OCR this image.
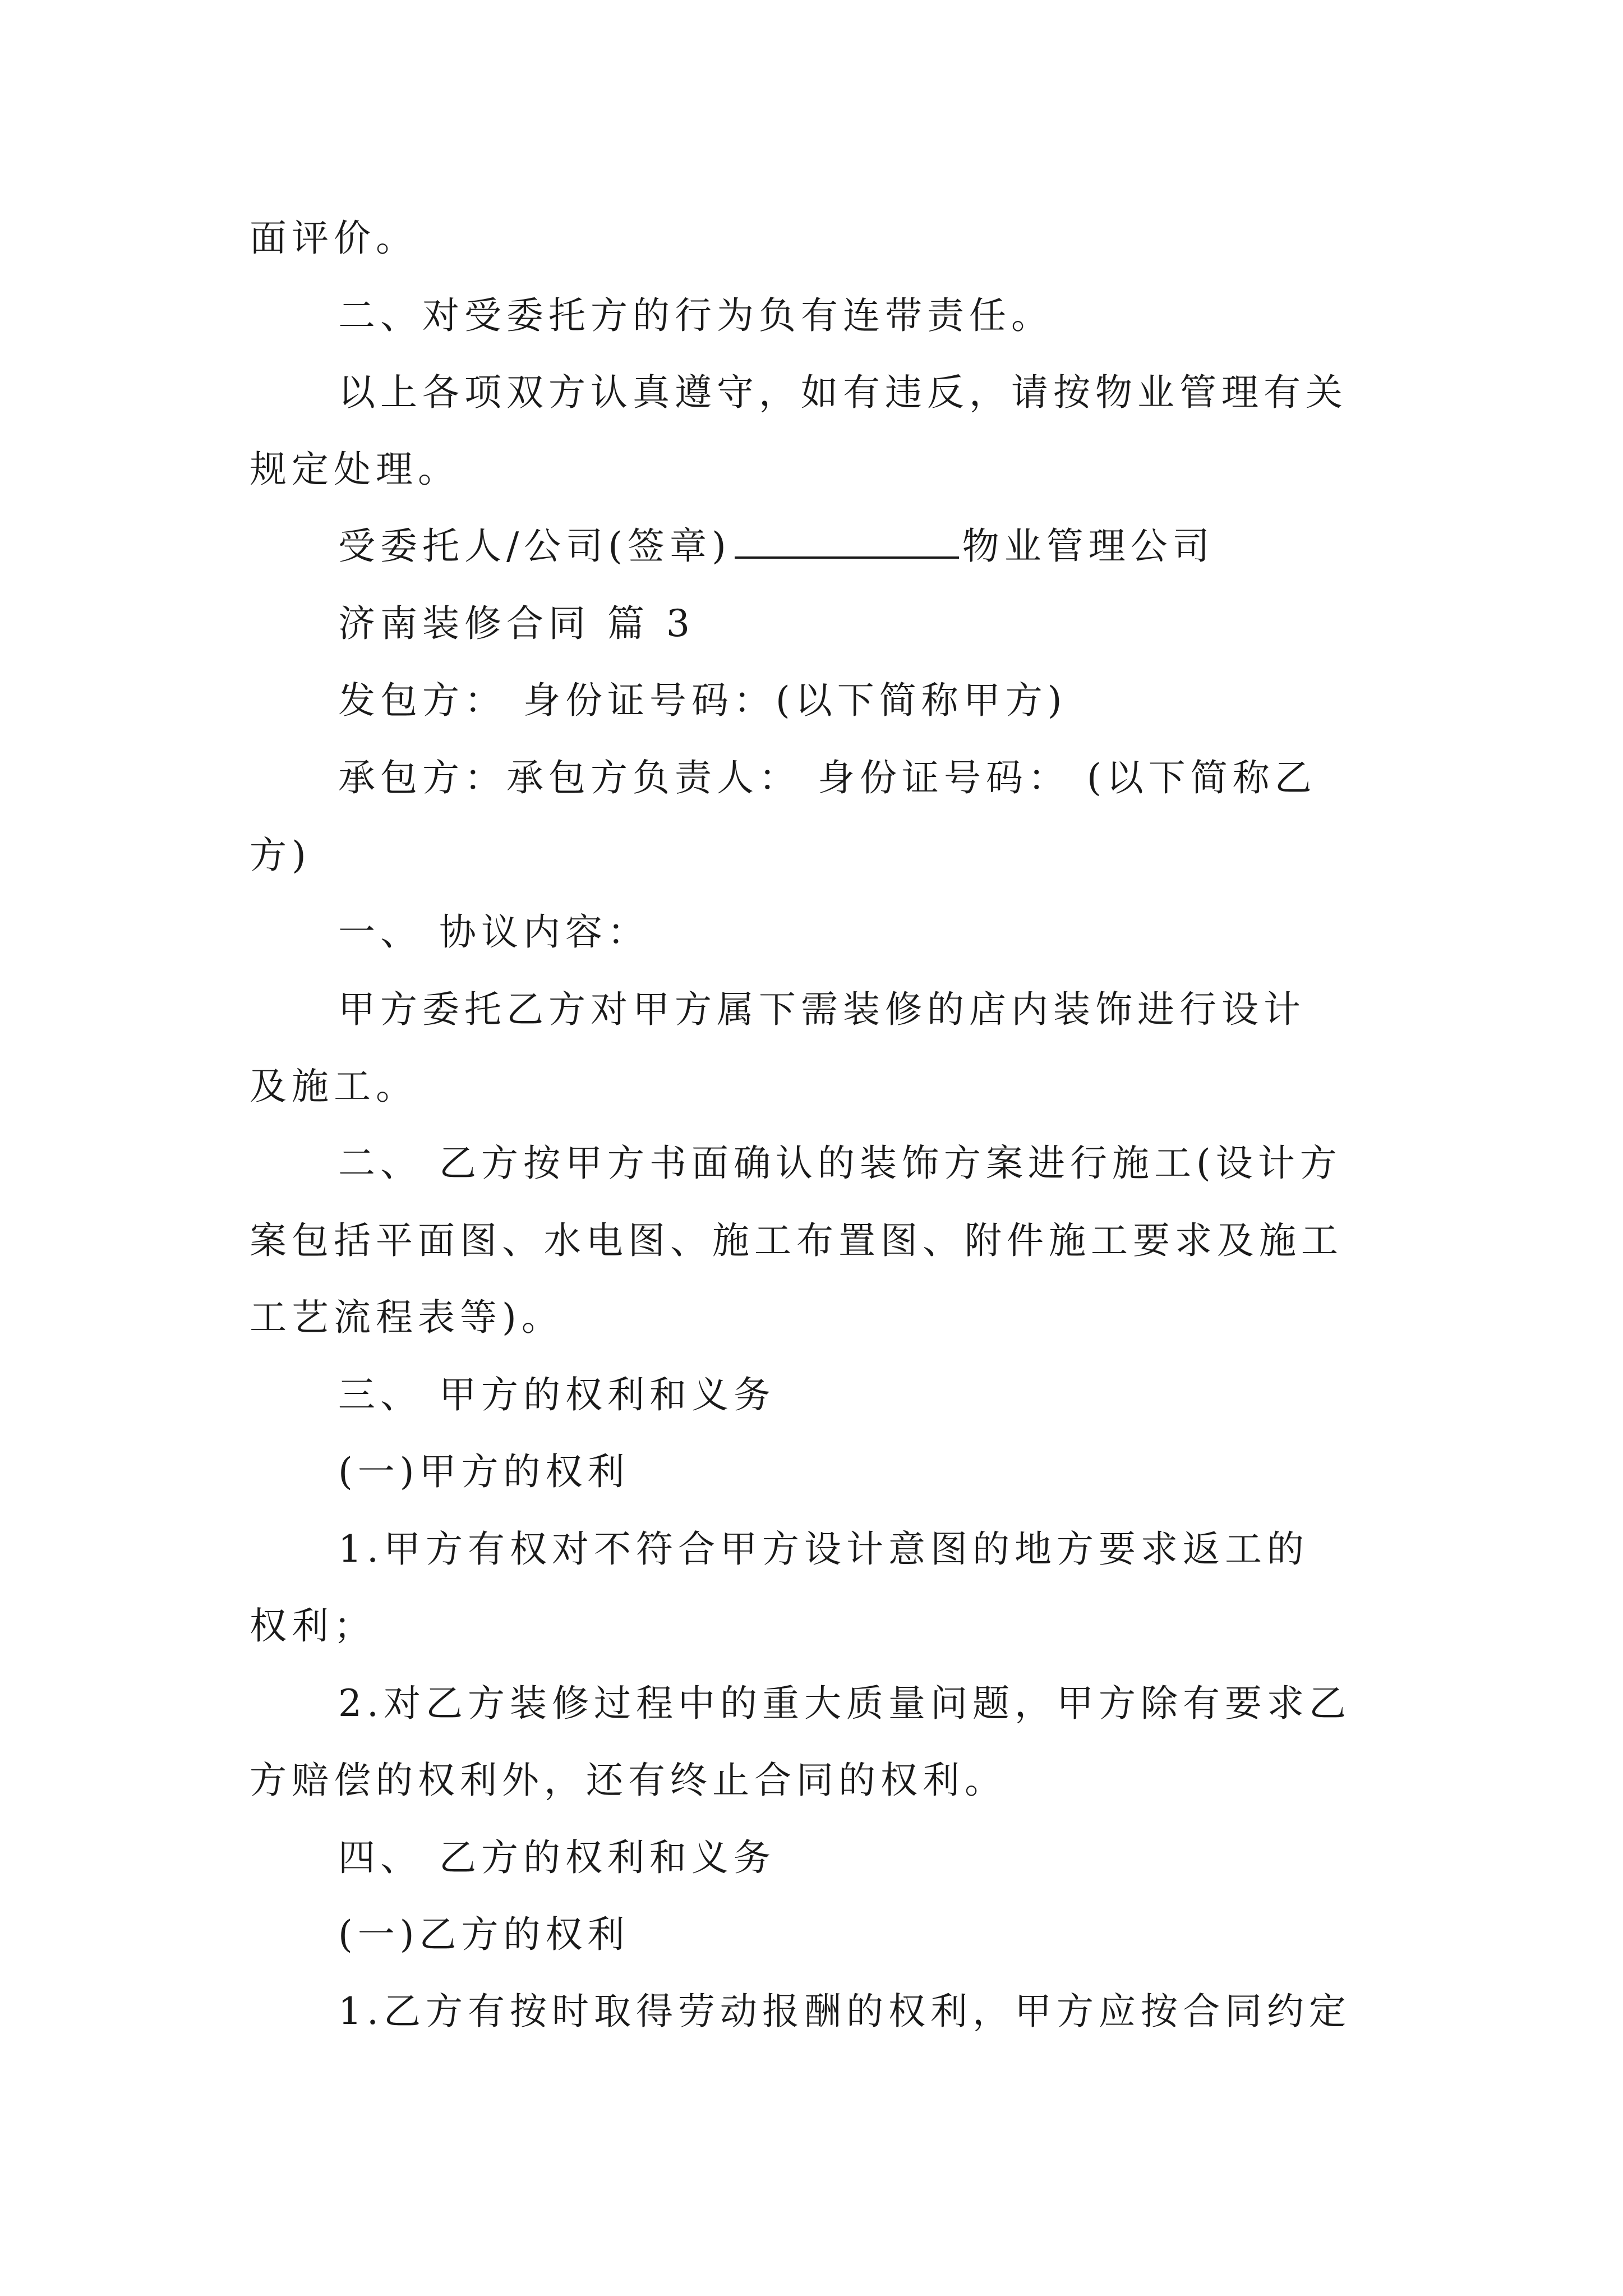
面评价。
二、对受委托方的行为负有连带责任。
以上各项双方认真遵守，如有违反，请按物业管理有关
规定处理。
受委托人/公司(签章)	物业管理公司
济南装修合同 篇 3
发包方： 身份证号码：(以下简称甲方)
承包方：承包方负责人： 身份证号码： (以下简称乙
方)
一、 协议内容：
甲方委托乙方对甲方属下需装修的店内装饰进行设计
及施工。
二、 乙方按甲方书面确认的装饰方案进行施工(设计方
案包括平面图、水电图、施工布置图、附件施工要求及施工
工艺流程表等)。
三、 甲方的权利和义务
(一)甲方的权利
1.甲方有权对不符合甲方设计意图的地方要求返工的
权利；
2.对乙方装修过程中的重大质量问题，甲方除有要求乙
方赔偿的权利外，还有终止合同的权利。
四、 乙方的权利和义务
(一)乙方的权利
1.乙方有按时取得劳动报酬的权利，甲方应按合同约定
